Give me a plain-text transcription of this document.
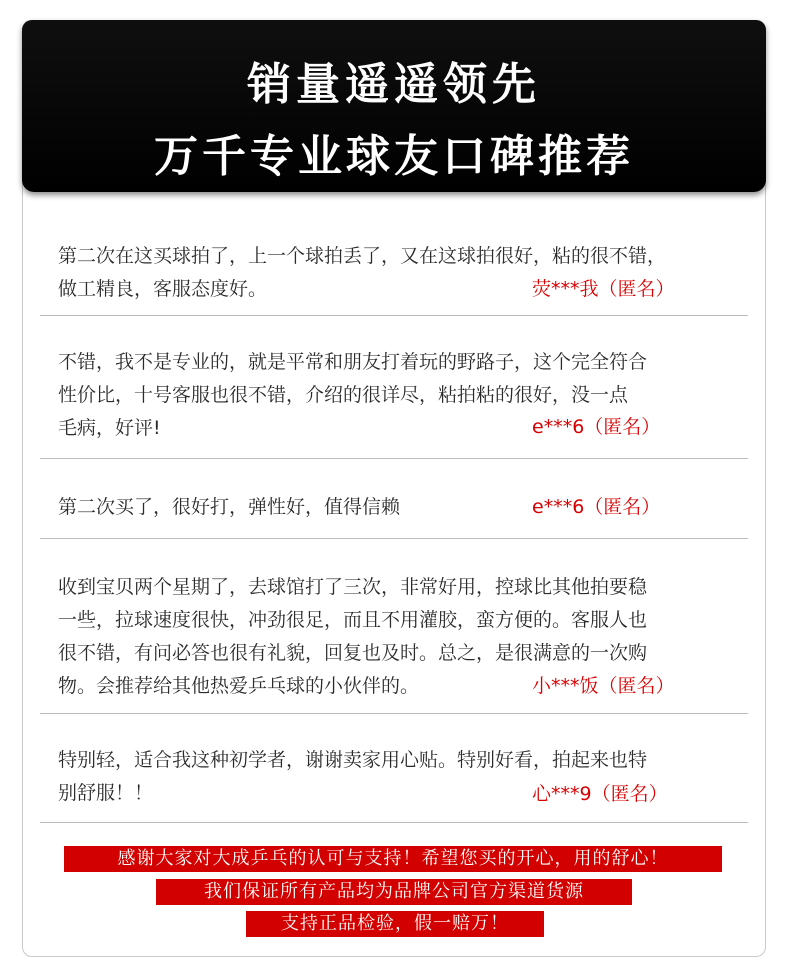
销量遥遥领先
万千专业球友口碑推荐

第二次在这买球拍了，上一个球拍丢了，又在这球拍很好，粘的很不错，

做工精良，客服态度好。	荧***我（匿名）

不错，我不是专业的，就是平常和朋友打着玩的野路子，这个完全符合

性价比，十号客服也很不错，介绍的很详尽，粘拍粘的很好，没一点

毛病，好评!	e***6（匿名）

第二次买了，很好打，弹性好，值得信赖	e***6（匿名）

收到宝贝两个星期了，去球馆打了三次，非常好用，控球比其他拍要稳

一些，拉球速度很快，冲劲很足，而且不用灌胶，蛮方便的。客服人也

很不错，有问必答也很有礼貌，回复也及时。总之，是很满意的一次购

物。会推荐给其他热爱乒乓球的小伙伴的。	小***饭（匿名）

特别轻，适合我这种初学者，谢谢卖家用心贴。特别好看，拍起来也特

别舒服！！	心***9（匿名）
感谢大家对大成乒乓的认可与支持！希望您买的开心，用的舒心！
我们保证所有产品均为品牌公司官方渠道货源
支持正品检验，假一赔万！
